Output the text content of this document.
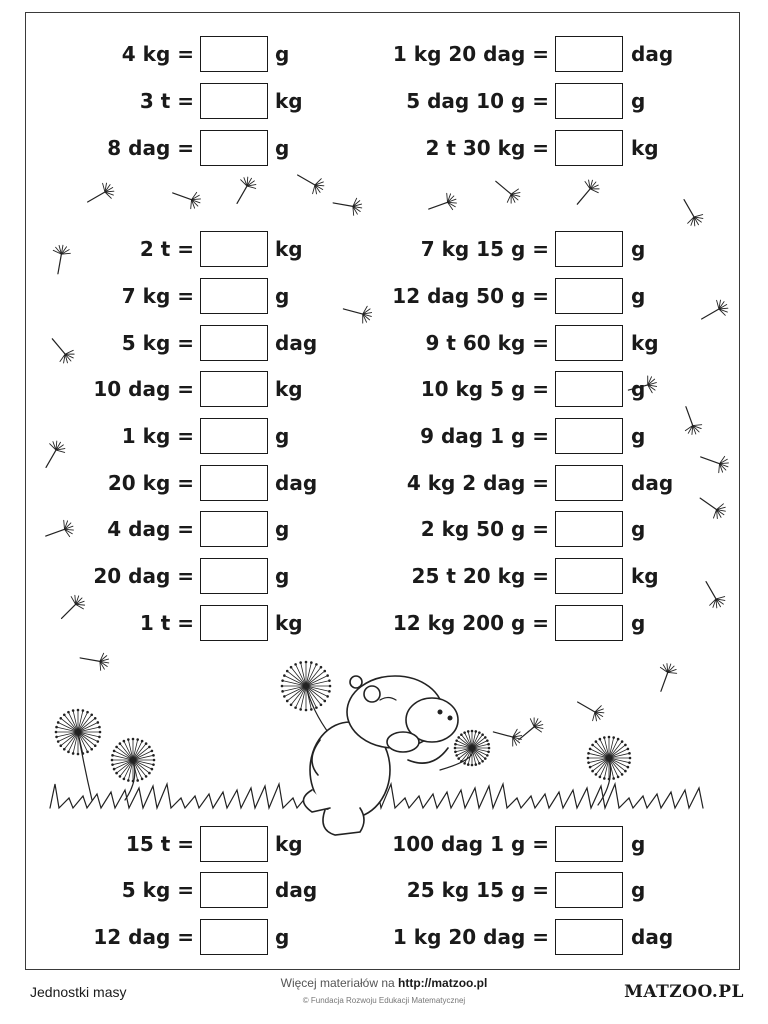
Jednostki masy
Więcej materiałów na http://matzoo.pl
© Fundacja Rozwoju Edukacji Matematycznej	MATZOO.PL
4 kg =	g	1 kg 20 dag =	dag
3 t =	kg	5 dag 10 g =	g
8 dag =	g	2 t 30 kg =	kg
2 t =	kg	7 kg 15 g =	g
7 kg =	g	12 dag 50 g =	g
5 kg =	dag	9 t 60 kg =	kg
10 dag =	kg	10 kg 5 g =	g
1 kg =	g	9 dag 1 g =	g
20 kg =	dag	4 kg 2 dag =	dag
4 dag =	g	2 kg 50 g =	g
20 dag =	g	25 t 20 kg =	kg
1 t =	kg	12 kg 200 g =	g
15 t =	kg	100 dag 1 g =	g
5 kg =	dag	25 kg 15 g =	g
12 dag =	g	1 kg 20 dag =	dag
